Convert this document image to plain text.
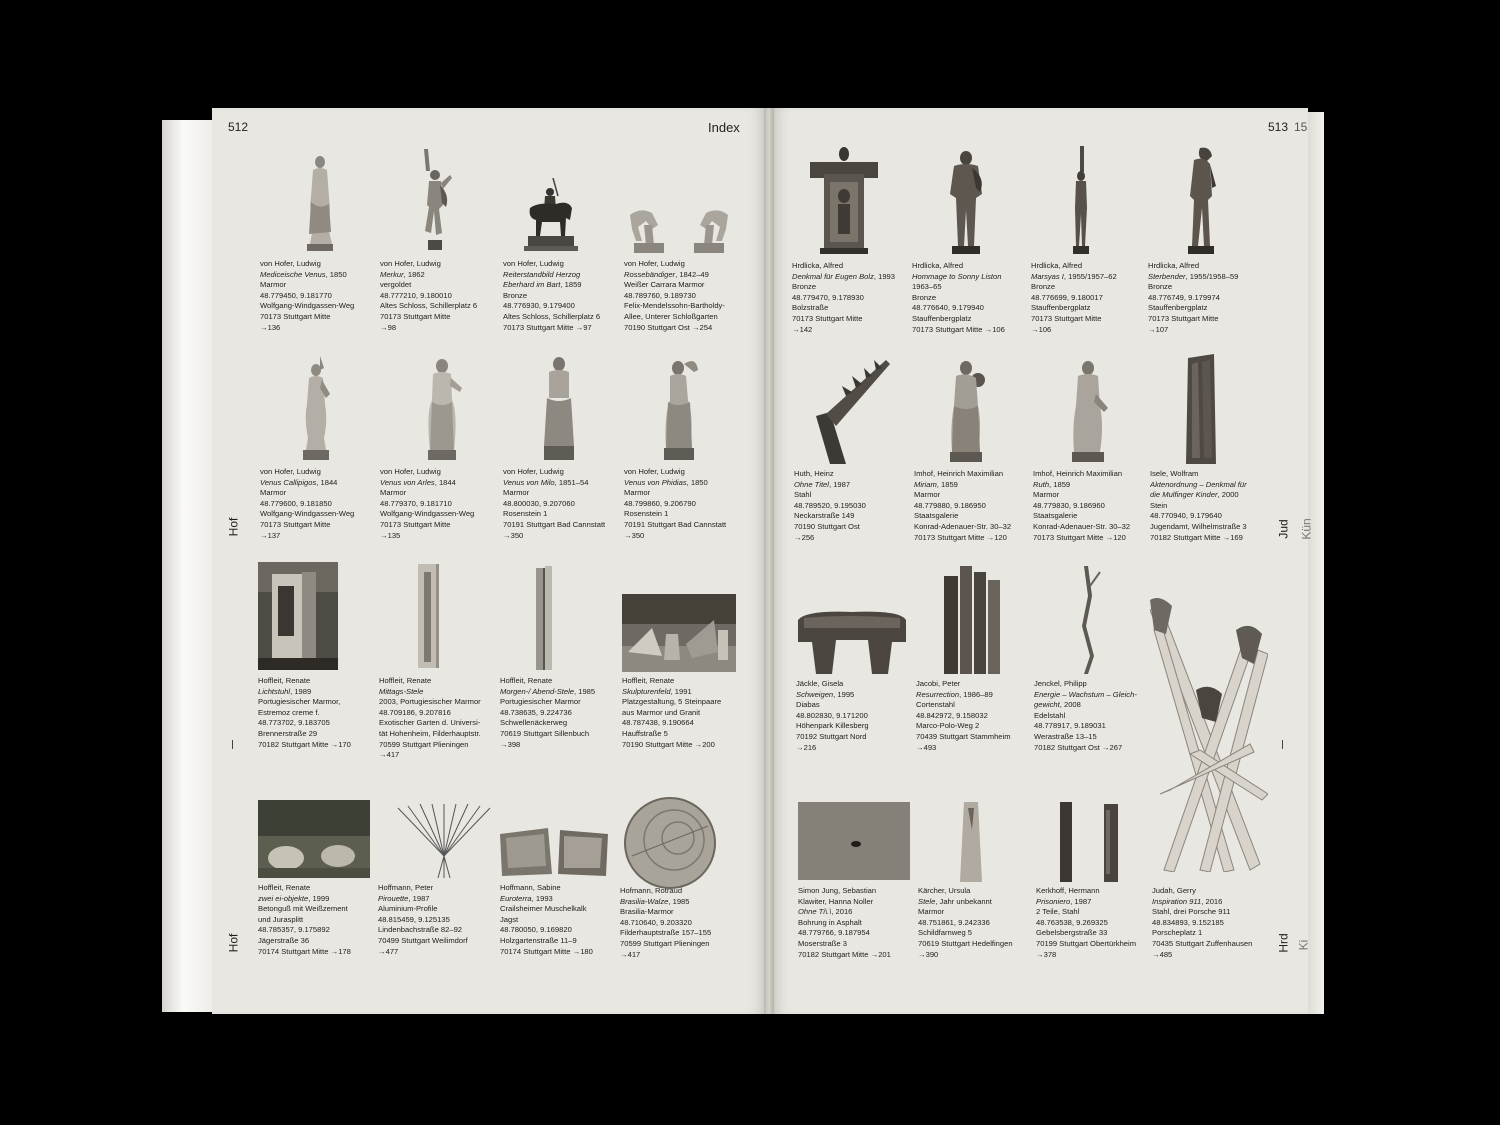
512	Index	513 15
Hof
Hof
Jud
Hrd
Kün
Ki
von Hofer, Ludwig
Mediceische Venus, 1850
Marmor
48.779450, 9.181770
Wolfgang-Windgassen-Weg
70173 Stuttgart Mitte
→136
von Hofer, Ludwig
Merkur, 1862
vergoldet
48.777210, 9.180010
Altes Schloss, Schillerplatz 6
70173 Stuttgart Mitte
→98
von Hofer, Ludwig
Reiterstandbild Herzog
Eberhard im Bart, 1859
Bronze
48.776930, 9.179400
Altes Schloss, Schillerplatz 6
70173 Stuttgart Mitte →97
von Hofer, Ludwig
Rossebändiger, 1842–49
Weißer Carrara Marmor
48.789760, 9.189730
Felix-Mendelssohn-Bartholdy-
Allee, Unterer Schloßgarten
70190 Stuttgart Ost →254
von Hofer, Ludwig
Venus Callipigos, 1844
Marmor
48.779600, 9.181850
Wolfgang-Windgassen-Weg
70173 Stuttgart Mitte
→137
von Hofer, Ludwig
Venus von Arles, 1844
Marmor
48.779370, 9.181710
Wolfgang-Windgassen-Weg
70173 Stuttgart Mitte
→135
von Hofer, Ludwig
Venus von Milo, 1851–54
Marmor
48.800030, 9.207060
Rosenstein 1
70191 Stuttgart Bad Cannstatt
→350
von Hofer, Ludwig
Venus von Phidias, 1850
Marmor
48.799860, 9.206790
Rosenstein 1
70191 Stuttgart Bad Cannstatt
→350
Hoffleit, Renate
Lichtstuhl, 1989
Portugiesischer Marmor,
Estremoz creme f.
48.773702, 9.183705
Brennerstraße 29
70182 Stuttgart Mitte →170
Hoffleit, Renate
Mittags-Stele
2003, Portugiesischer Marmor
48.709186, 9.207816
Exotischer Garten d. Universi-
tät Hohenheim, Filderhauptstr.
70599 Stuttgart Plieningen
→417
Hoffleit, Renate
Morgen-/ Abend-Stele, 1985
Portugiesischer Marmor
48.738635, 9.224736
Schwellenäckerweg
70619 Stuttgart Sillenbuch
→398
Hoffleit, Renate
Skulpturenfeld, 1991
Platzgestaltung, 5 Steinpaare
aus Marmor und Granit
48.787438, 9.190664
Hauffstraße 5
70190 Stuttgart Mitte →200
Hoffleit, Renate
zwei ei-objekte, 1999
Betonguß mit Weißzement
und Jurasplitt
48.785357, 9.175892
Jägerstraße 36
70174 Stuttgart Mitte →178
Hoffmann, Peter
Pirouette, 1987
Aluminium-Profile
48.815459, 9.125135
Lindenbachstraße 82–92
70499 Stuttgart Weilimdorf
→477
Hoffmann, Sabine
Euroterra, 1993
Crailsheimer Muschelkalk
Jagst
48.780050, 9.169820
Holzgartenstraße 11–9
70174 Stuttgart Mitte →180
Hofmann, Rotraud
Brasilia-Walze, 1985
Brasilia-Marmor
48.710640, 9.203320
Filderhauptstraße 157–155
70599 Stuttgart Plieningen
→417
Hrdlicka, Alfred
Denkmal für Eugen Bolz, 1993
Bronze
48.779470, 9.178930
Bolzstraße
70173 Stuttgart Mitte
→142
Hrdlicka, Alfred
Hommage to Sonny Liston
1963–65
Bronze
48.776640, 9.179940
Stauffenbergplatz
70173 Stuttgart Mitte →106
Hrdlicka, Alfred
Marsyas I, 1955/1957–62
Bronze
48.776699, 9.180017
Stauffenbergplatz
70173 Stuttgart Mitte
→106
Hrdlicka, Alfred
Sterbender, 1955/1958–59
Bronze
48.776749, 9.179974
Stauffenbergplatz
70173 Stuttgart Mitte
→107
Huth, Heinz
Ohne Titel, 1987
Stahl
48.789520, 9.195030
Neckarstraße 149
70190 Stuttgart Ost
→256
Imhof, Heinrich Maximilian
Miriam, 1859
Marmor
48.779880, 9.186950
Staatsgalerie
Konrad-Adenauer-Str. 30–32
70173 Stuttgart Mitte →120
Imhof, Heinrich Maximilian
Ruth, 1859
Marmor
48.779830, 9.186960
Staatsgalerie
Konrad-Adenauer-Str. 30–32
70173 Stuttgart Mitte →120
Isele, Wolfram
Aktenordnung – Denkmal für
die Mulfinger Kinder, 2000
Stein
48.770940, 9.179640
Jugendamt, Wilhelmstraße 3
70182 Stuttgart Mitte →169
Jäckle, Gisela
Schweigen, 1995
Diabas
48.802830, 9.171200
Höhenpark Killesberg
70192 Stuttgart Nord
→216
Jacobi, Peter
Resurrection, 1986–89
Cortenstahl
48.842972, 9.158032
Marco-Polo-Weg 2
70439 Stuttgart Stammheim
→493
Jenckel, Philipp
Energie – Wachstum – Gleich-
gewicht, 2008
Edelstahl
48.778917, 9.189031
Werastraße 13–15
70182 Stuttgart Ost →267
Simon Jung, Sebastian
Klawiter, Hanna Noller
Ohne Ti\.\, 2016
Bohrung in Asphalt
48.779766, 9.187954
Moserstraße 3
70182 Stuttgart Mitte →201
Kärcher, Ursula
Stele, Jahr unbekannt
Marmor
48.751861, 9.242336
Schildfarnweg 5
70619 Stuttgart Hedelfingen
→390
Kerkhoff, Hermann
Prisoniero, 1987
2 Teile, Stahl
48.763538, 9.269325
Gebelsbergstraße 33
70199 Stuttgart Obertürkheim
→378
Judah, Gerry
Inspiration 911, 2016
Stahl, drei Porsche 911
48.834893, 9.152185
Porscheplatz 1
70435 Stuttgart Zuffenhausen
→485
